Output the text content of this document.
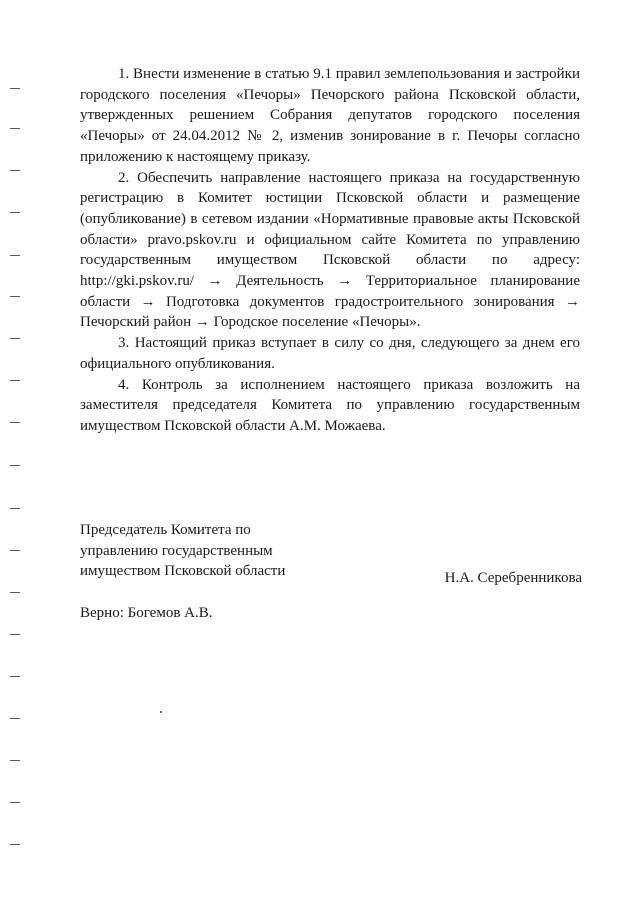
1. Внести изменение в статью 9.1 правил землепользования и застройки городского поселения «Печоры» Печорского района Псковской области, утвержденных решением Собрания депутатов городского поселения «Печоры» от 24.04.2012 № 2, изменив зонирование в г. Печоры согласно приложению к настоящему приказу.

2. Обеспечить направление настоящего приказа на государственную регистрацию в Комитет юстиции Псковской области и размещение (опубликование) в сетевом издании «Нормативные правовые акты Псковской области» pravo.pskov.ru и официальном сайте Комитета по управлению государственным имуществом Псковской области по адресу: http://gki.pskov.ru/ → Деятельность → Территориальное планирование области → Подготовка документов градостроительного зонирования → Печорский район → Городское поселение «Печоры».

3. Настоящий приказ вступает в силу со дня, следующего за днем его официального опубликования.

4. Контроль за исполнением настоящего приказа возложить на заместителя председателя Комитета по управлению государственным имуществом Псковской области А.М. Можаева.

Председатель Комитета по
управлению государственным
имуществом Псковской области	Н.А. Серебренникова
Верно: Богемов А.В.
